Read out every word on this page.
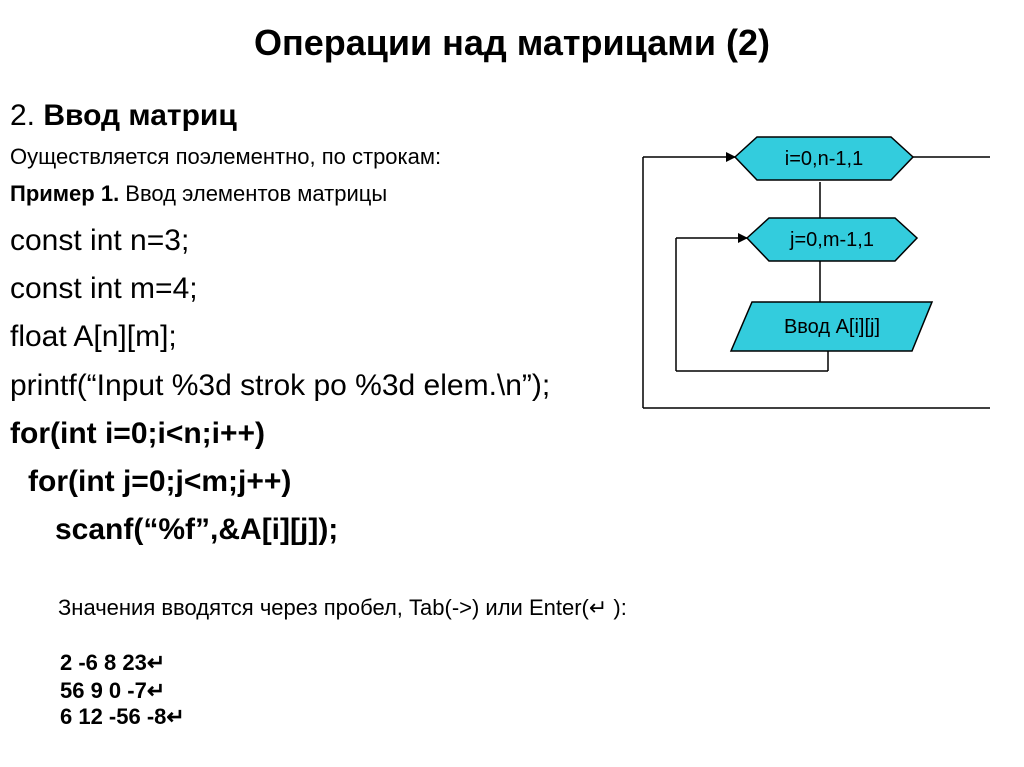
Операции над матрицами (2)
2. Ввод матриц
Оуществляется поэлементно, по строкам:
Пример 1. Ввод элементов матрицы
const int n=3;
const int m=4;
float A[n][m];
printf(“Input %3d strok po %3d elem.\n”);
for(int i=0;i<n;i++)
for(int j=0;j<m;j++)
scanf(“%f”,&A[i][j]);
Значения вводятся через пробел, Tab(->) или Enter(↵ ):
2 -6 8 23↵
56 9 0 -7↵
6 12 -56 -8↵
i=0,n-1,1
j=0,m-1,1
Ввод A[i][j]
